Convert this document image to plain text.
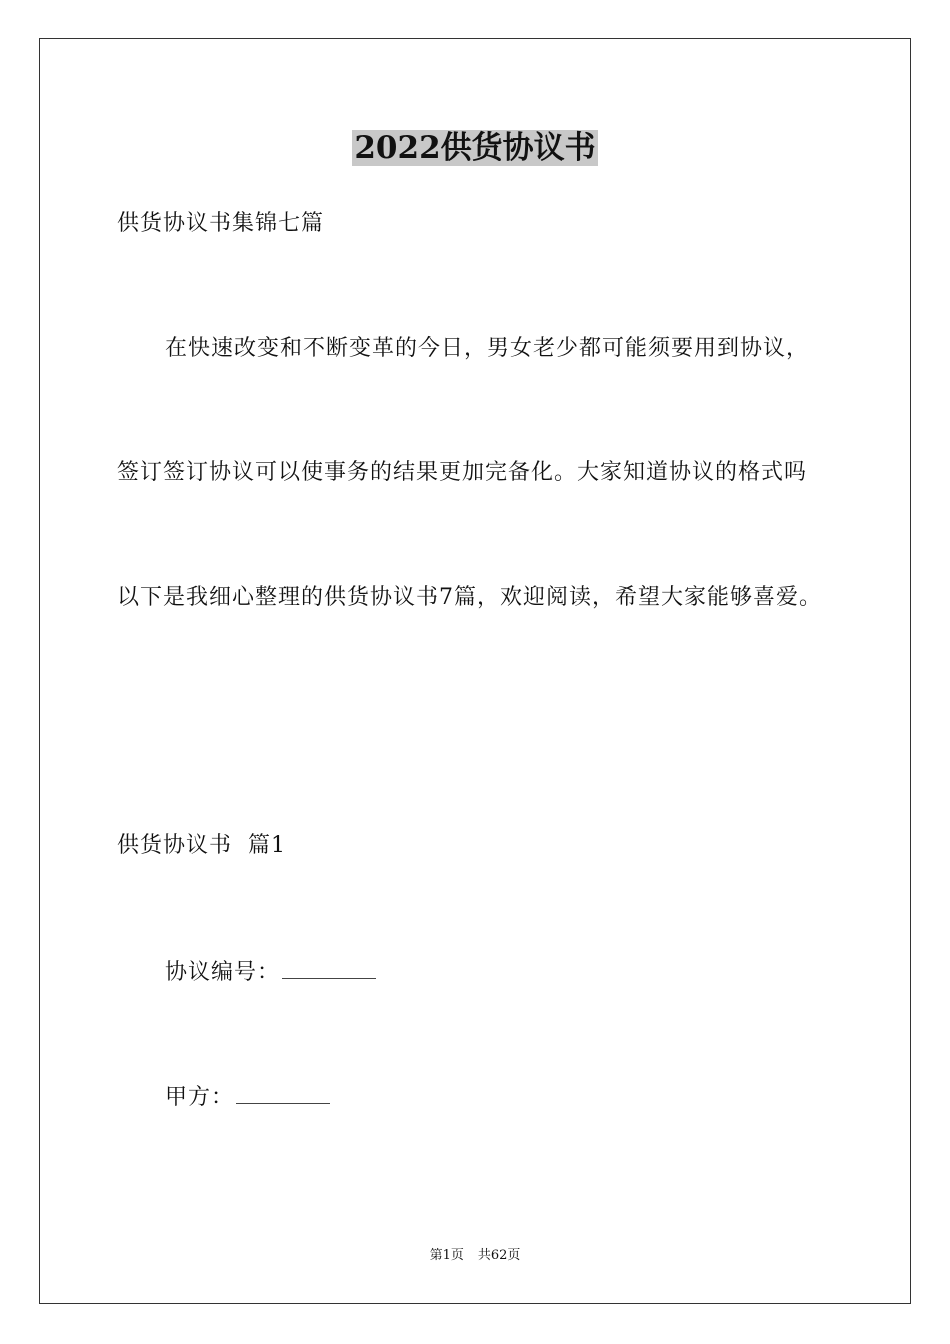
2022供货协议书
供货协议书集锦七篇
在快速改变和不断变革的今日，男女老少都可能须要用到协议，
签订签订协议可以使事务的结果更加完备化。大家知道协议的格式吗
以下是我细心整理的供货协议书7篇，欢迎阅读，希望大家能够喜爱。
供货协议书  篇1
协议编号：
甲方：
第1页 共62页
